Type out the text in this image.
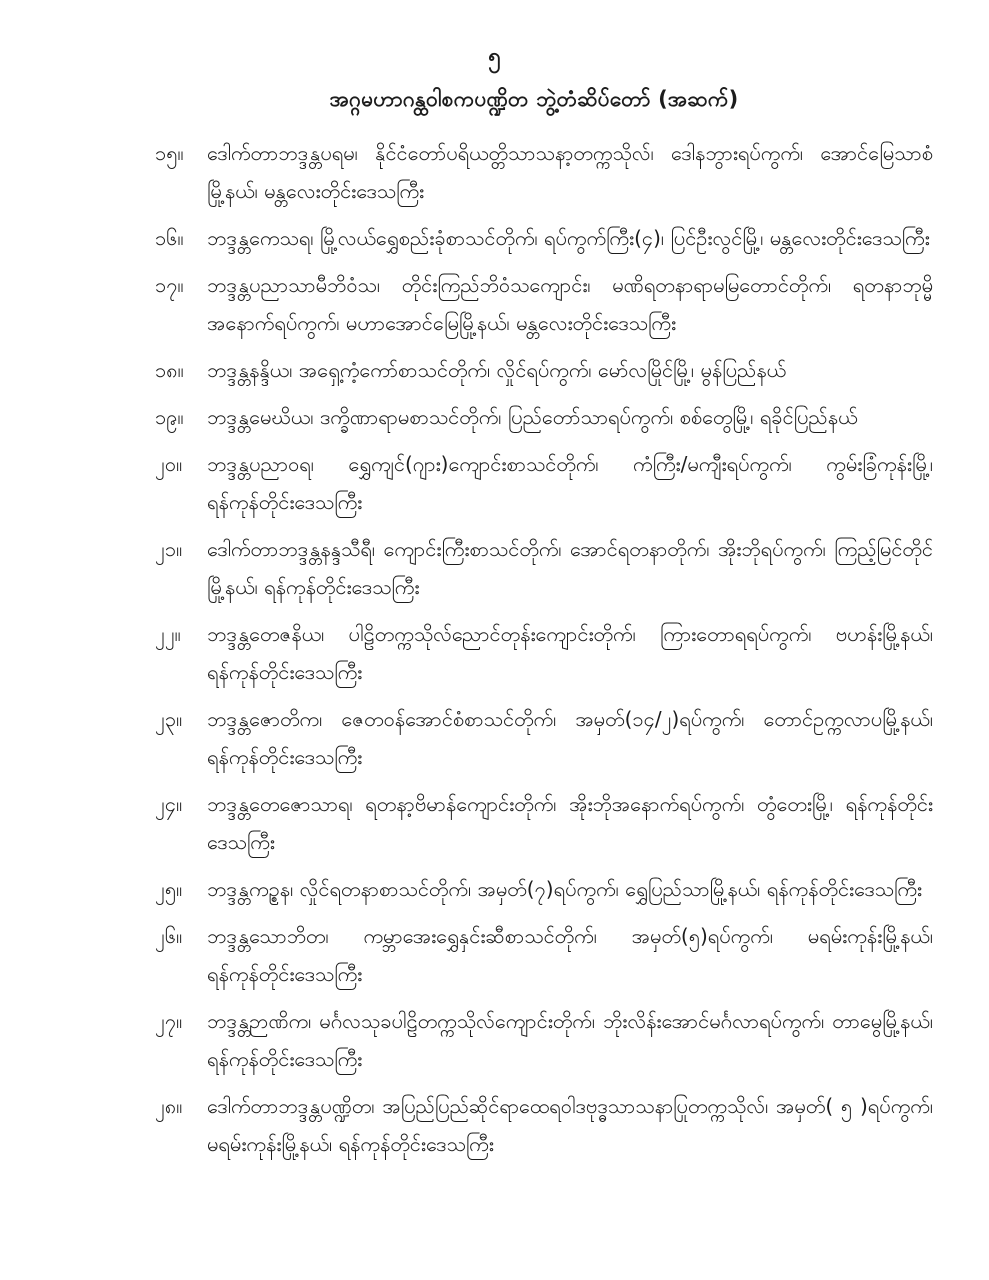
၅
အဂ္ဂမဟာဂန္ထဝါစကပဏ္ဍိတ ဘွဲ့တံဆိပ်တော် (အဆက်)
၁၅။	ဒေါက်တာဘဒ္ဒန္တပရမ၊ နိုင်ငံတော်ပရိယတ္တိသာသနာ့တက္ကသိုလ်၊ ဒေါနဘွားရပ်ကွက်၊ အောင်မြေသာစံမြို့နယ်၊ မန္တလေးတိုင်းဒေသကြီး
၁၆။	ဘဒ္ဒန္တကေသရ၊ မြို့လယ်ရွှေစည်းခုံစာသင်တိုက်၊ ရပ်ကွက်ကြီး(၄)၊ ပြင်ဦးလွင်မြို့၊ မန္တလေးတိုင်းဒေသကြီး
၁၇။	ဘဒ္ဒန္တပညာသာမီဘိဝံသ၊ တိုင်းကြည်ဘိဝံသကျောင်း၊ မဏိရတနာရာမမြတောင်တိုက်၊ ရတနာဘုမ္မိအနောက်ရပ်ကွက်၊ မဟာအောင်မြေမြို့နယ်၊ မန္တလေးတိုင်းဒေသကြီး
၁၈။	ဘဒ္ဒန္တနန္ဒိယ၊ အရှေ့ကံ့ကော်စာသင်တိုက်၊ လှိုင်ရပ်ကွက်၊ မော်လမြိုင်မြို့၊ မွန်ပြည်နယ်
၁၉။	ဘဒ္ဒန္တမေဃိယ၊ ဒက္ခိဏာရာမစာသင်တိုက်၊ ပြည်တော်သာရပ်ကွက်၊ စစ်တွေမြို့၊ ရခိုင်ပြည်နယ်
၂၀။	ဘဒ္ဒန္တပညာဝရ၊ ရွှေကျင်(ဂျား)ကျောင်းစာသင်တိုက်၊ ကံကြီး/မကျီးရပ်ကွက်၊ ကွမ်းခြံကုန်းမြို့၊ ရန်ကုန်တိုင်းဒေသကြီး
၂၁။	ဒေါက်တာဘဒ္ဒန္တနန္ဒသီရီ၊ ကျောင်းကြီးစာသင်တိုက်၊ အောင်ရတနာတိုက်၊ အိုးဘိုရပ်ကွက်၊ ကြည့်မြင်တိုင်မြို့နယ်၊ ရန်ကုန်တိုင်းဒေသကြီး
၂၂။	ဘဒ္ဒန္တတေဇနိယ၊ ပါဠိတက္ကသိုလ်ညောင်တုန်းကျောင်းတိုက်၊ ကြားတောရရပ်ကွက်၊ ဗဟန်းမြို့နယ်၊ ရန်ကုန်တိုင်းဒေသကြီး
၂၃။	ဘဒ္ဒန္တဇောတိက၊ ဇေတဝန်အောင်စံစာသင်တိုက်၊ အမှတ်(၁၄/၂)ရပ်ကွက်၊ တောင်ဥက္ကလာပမြို့နယ်၊ ရန်ကုန်တိုင်းဒေသကြီး
၂၄။	ဘဒ္ဒန္တတေဇောသာရ၊ ရတနာ့ဗိမာန်ကျောင်းတိုက်၊ အိုးဘိုအနောက်ရပ်ကွက်၊ တွံတေးမြို့၊ ရန်ကုန်တိုင်းဒေသကြီး
၂၅။	ဘဒ္ဒန္တကဉ္စန၊ လှိုင်ရတနာစာသင်တိုက်၊ အမှတ်(၇)ရပ်ကွက်၊ ရွှေပြည်သာမြို့နယ်၊ ရန်ကုန်တိုင်းဒေသကြီး
၂၆။	ဘဒ္ဒန္တသောဘိတ၊ ကမ္ဘာအေးရွှေနှင်းဆီစာသင်တိုက်၊ အမှတ်(၅)ရပ်ကွက်၊ မရမ်းကုန်းမြို့နယ်၊ ရန်ကုန်တိုင်းဒေသကြီး
၂၇။	ဘဒ္ဒန္တဉာဏိက၊ မင်္ဂလသုခပါဠိတက္ကသိုလ်ကျောင်းတိုက်၊ ဘိုးလိန်းအောင်မင်္ဂလာရပ်ကွက်၊ တာမွေမြို့နယ်၊ ရန်ကုန်တိုင်းဒေသကြီး
၂၈။	ဒေါက်တာဘဒ္ဒန္တပဏ္ဍိတ၊ အပြည်ပြည်ဆိုင်ရာထေရဝါဒဗုဒ္ဓသာသနာပြုတက္ကသိုလ်၊ အမှတ်( ၅ )ရပ်ကွက်၊ မရမ်းကုန်းမြို့နယ်၊ ရန်ကုန်တိုင်းဒေသကြီး
